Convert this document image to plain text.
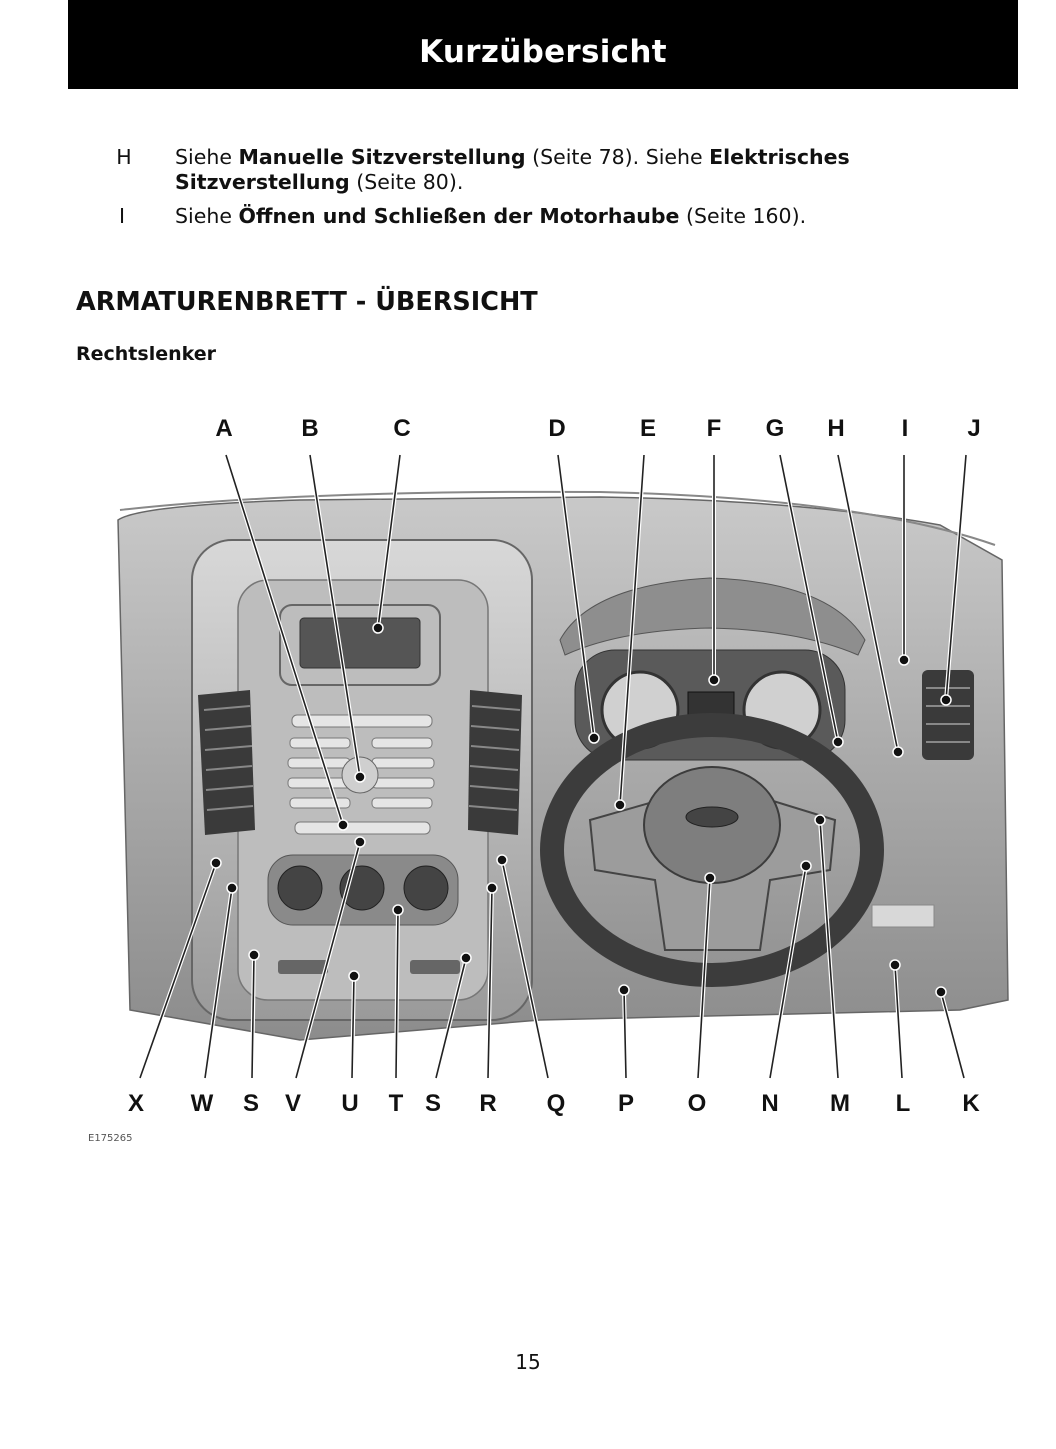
Kurzübersicht
H	Siehe Manuelle Sitzverstellung (Seite 78). Siehe Elektrisches
Sitzverstellung (Seite 80).
I	Siehe Öffnen und Schließen der Motorhaube (Seite 160).
ARMATURENBRETT - ÜBERSICHT
Rechtslenker
A	B	C	D	E F G H I J
X W S V U T S R Q P O N M L K
E175265
15
